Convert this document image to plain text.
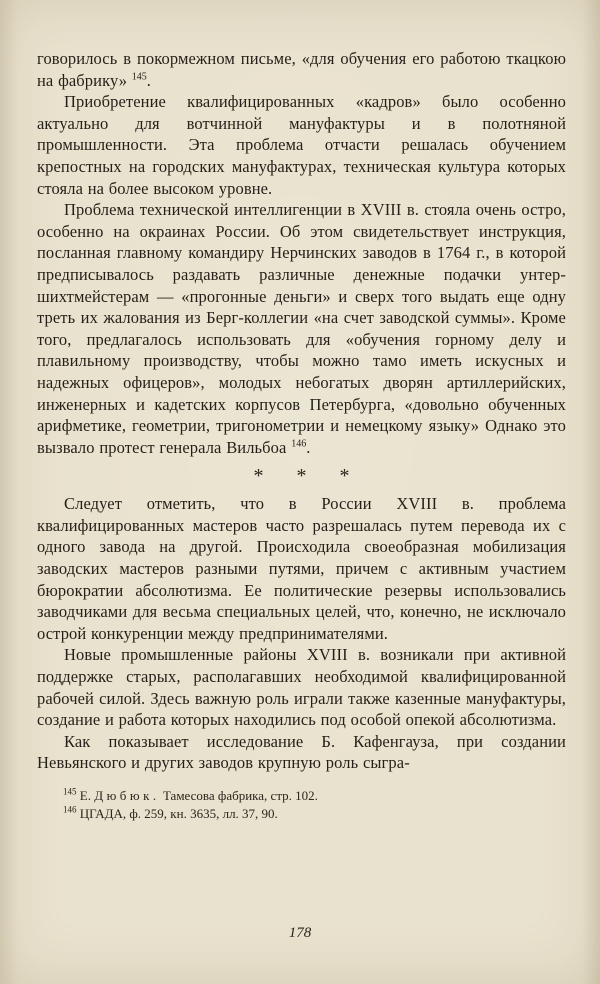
говорилось в покормежном письме, «для обучения его работою ткацкою на фабрику» $^{145}$.

Приобретение квалифицированных «кадров» было особенно актуально для вотчинной мануфактуры и в полотняной промышленности. Эта проблема отчасти решалась обучением крепостных на городских мануфактурах, техническая культура которых стояла на более высоком уровне.

Проблема технической интеллигенции в XVIII в. стояла очень остро, особенно на окраинах России. Об этом свидетельствует инструкция, посланная главному командиру Нерчинских заводов в 1764 г., в которой предписывалось раздавать различные денежные подачки унтер-шихтмейстерам — «прогонные деньги» и сверх того выдать еще одну треть их жалования из Берг-коллегии «на счет заводской суммы». Кроме того, предлагалось использовать для «обучения горному делу и плавильному производству, чтобы можно тамо иметь искусных и надежных офицеров», молодых небогатых дворян артиллерийских, инженерных и кадетских корпусов Петербурга, «довольно обученных арифметике, геометрии, тригонометрии и немецкому языку» Однако это вызвало протест генерала Вильбоа $^{146}$.

* * *

Следует отметить, что в России XVIII в. проблема квалифицированных мастеров часто разрешалась путем перевода их с одного завода на другой. Происходила своеобразная мобилизация заводских мастеров разными путями, причем с активным участием бюрократии абсолютизма. Ее политические резервы использовались заводчиками для весьма специальных целей, что, конечно, не исключало острой конкуренции между предпринимателями.

Новые промышленные районы XVIII в. возникали при активной поддержке старых, располагавших необходимой квалифицированной рабочей силой. Здесь важную роль играли также казенные мануфактуры, создание и работа которых находились под особой опекой абсолютизма.

Как показывает исследование Б. Кафенгауза, при создании Невьянского и других заводов крупную роль сыгра-

$^{145}$ Е. Дюбюк. Тамесова фабрика, стр. 102.

$^{146}$ ЦГАДА, ф. 259, кн. 3635, лл. 37, 90.

178
